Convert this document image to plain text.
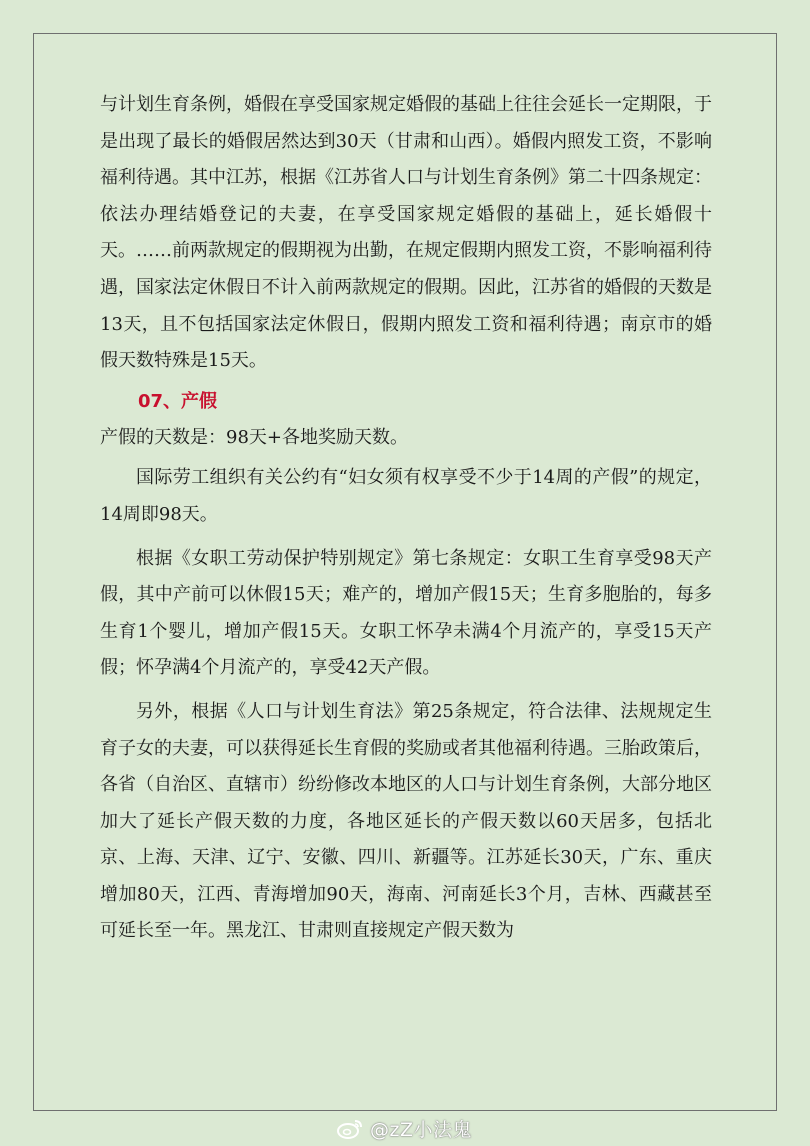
与计划生育条例，婚假在享受国家规定婚假的基础上往往会延长一定期限，于是出现了最长的婚假居然达到30天（甘肃和山西）。婚假内照发工资，不影响福利待遇。其中江苏，根据《江苏省人口与计划生育条例》第二十四条规定：依法办理结婚登记的夫妻，在享受国家规定婚假的基础上，延长婚假十天。……前两款规定的假期视为出勤，在规定假期内照发工资，不影响福利待遇，国家法定休假日不计入前两款规定的假期。因此，江苏省的婚假的天数是13天，且不包括国家法定休假日，假期内照发工资和福利待遇；南京市的婚假天数特殊是15天。

07、产假

产假的天数是：98天+各地奖励天数。

国际劳工组织有关公约有“妇女须有权享受不少于14周的产假”的规定，14周即98天。

根据《女职工劳动保护特别规定》第七条规定：女职工生育享受98天产假，其中产前可以休假15天；难产的，增加产假15天；生育多胞胎的，每多生育1个婴儿，增加产假15天。女职工怀孕未满4个月流产的，享受15天产假；怀孕满4个月流产的，享受42天产假。

另外，根据《人口与计划生育法》第25条规定，符合法律、法规规定生育子女的夫妻，可以获得延长生育假的奖励或者其他福利待遇。三胎政策后，各省（自治区、直辖市）纷纷修改本地区的人口与计划生育条例，大部分地区加大了延长产假天数的力度，各地区延长的产假天数以60天居多，包括北京、上海、天津、辽宁、安徽、四川、新疆等。江苏延长30天，广东、重庆增加80天，江西、青海增加90天，海南、河南延长3个月，吉林、西藏甚至可延长至一年。黑龙江、甘肃则直接规定产假天数为

@zZ小法鬼
